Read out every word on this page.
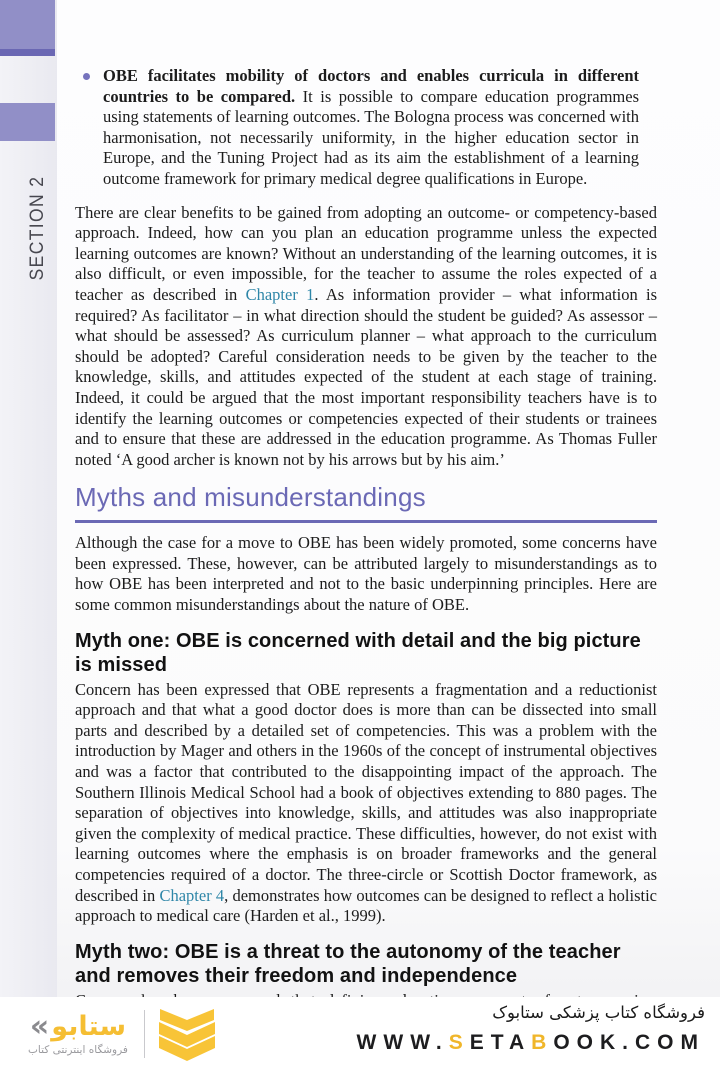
SECTION 2

OBE facilitates mobility of doctors and enables curricula in different countries to be compared. It is possible to compare education programmes using statements of learning outcomes. The Bologna process was concerned with harmonisation, not necessarily uniformity, in the higher education sector in Europe, and the Tuning Project had as its aim the establishment of a learning outcome framework for primary medical degree qualifications in Europe.

There are clear benefits to be gained from adopting an outcome- or competency-based approach. Indeed, how can you plan an education programme unless the expected learning outcomes are known? Without an understanding of the learning outcomes, it is also difficult, or even impossible, for the teacher to assume the roles expected of a teacher as described in Chapter 1. As information provider – what information is required? As facilitator – in what direction should the student be guided? As assessor – what should be assessed? As curriculum planner – what approach to the curriculum should be adopted? Careful consideration needs to be given by the teacher to the knowledge, skills, and attitudes expected of the student at each stage of training. Indeed, it could be argued that the most important responsibility teachers have is to identify the learning outcomes or competencies expected of their students or trainees and to ensure that these are addressed in the education programme. As Thomas Fuller noted ‘A good archer is known not by his arrows but by his aim.’

Myths and misunderstandings

Although the case for a move to OBE has been widely promoted, some concerns have been expressed. These, however, can be attributed largely to misunderstandings as to how OBE has been interpreted and not to the basic underpinning principles. Here are some common misunderstandings about the nature of OBE.

Myth one: OBE is concerned with detail and the big picture is missed

Concern has been expressed that OBE represents a fragmentation and a reductionist approach and that what a good doctor does is more than can be dissected into small parts and described by a detailed set of competencies. This was a problem with the introduction by Mager and others in the 1960s of the concept of instrumental objectives and was a factor that contributed to the disappointing impact of the approach. The Southern Illinois Medical School had a book of objectives extending to 880 pages. The separation of objectives into knowledge, skills, and attitudes was also inappropriate given the complexity of medical practice. These difficulties, however, do not exist with learning outcomes where the emphasis is on broader frameworks and the general competencies required of a doctor. The three-circle or Scottish Doctor framework, as described in Chapter 4, demonstrates how outcomes can be designed to reflect a holistic approach to medical care (Harden et al., 1999).

Myth two: OBE is a threat to the autonomy of the teacher and removes their freedom and independence

« ستابو
فروشگاه اینترنتی کتاب
فروشگاه کتاب پزشکی ستابوک
WWW.SETABOOK.COM
